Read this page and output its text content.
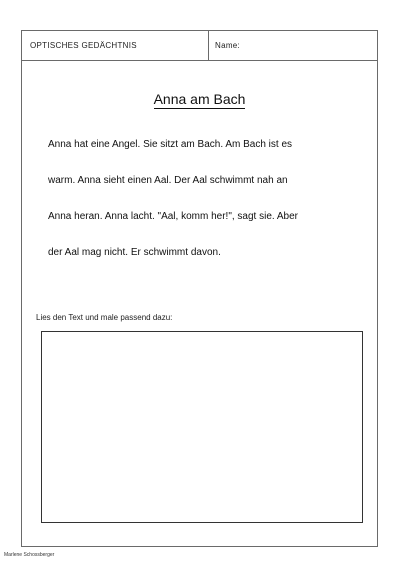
OPTISCHES GEDÄCHTNIS	Name:
Anna am Bach
Anna hat eine Angel. Sie sitzt am Bach. Am Bach ist es
warm. Anna sieht einen Aal. Der Aal schwimmt nah an
Anna heran. Anna lacht. "Aal, komm her!", sagt sie. Aber
der Aal mag nicht. Er schwimmt davon.
Lies den Text und male passend dazu:
Marlene Schossberger
